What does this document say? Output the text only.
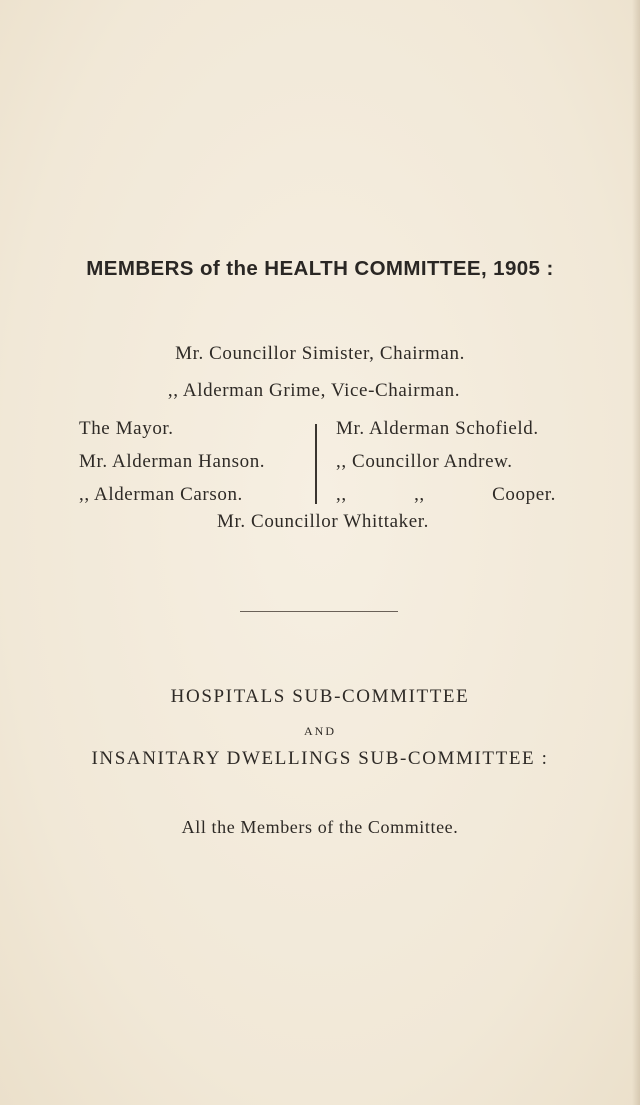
MEMBERS of the HEALTH COMMITTEE, 1905 :
Mr. Councillor Simister, Chairman.
,, Alderman Grime, Vice-Chairman.
The Mayor.
Mr. Alderman Hanson.
,, Alderman Carson.
Mr. Alderman Schofield.
,, Councillor Andrew.
,,	,,	Cooper.
Mr. Councillor Whittaker.
HOSPITALS SUB-COMMITTEE
AND
INSANITARY DWELLINGS SUB-COMMITTEE :
All the Members of the Committee.
